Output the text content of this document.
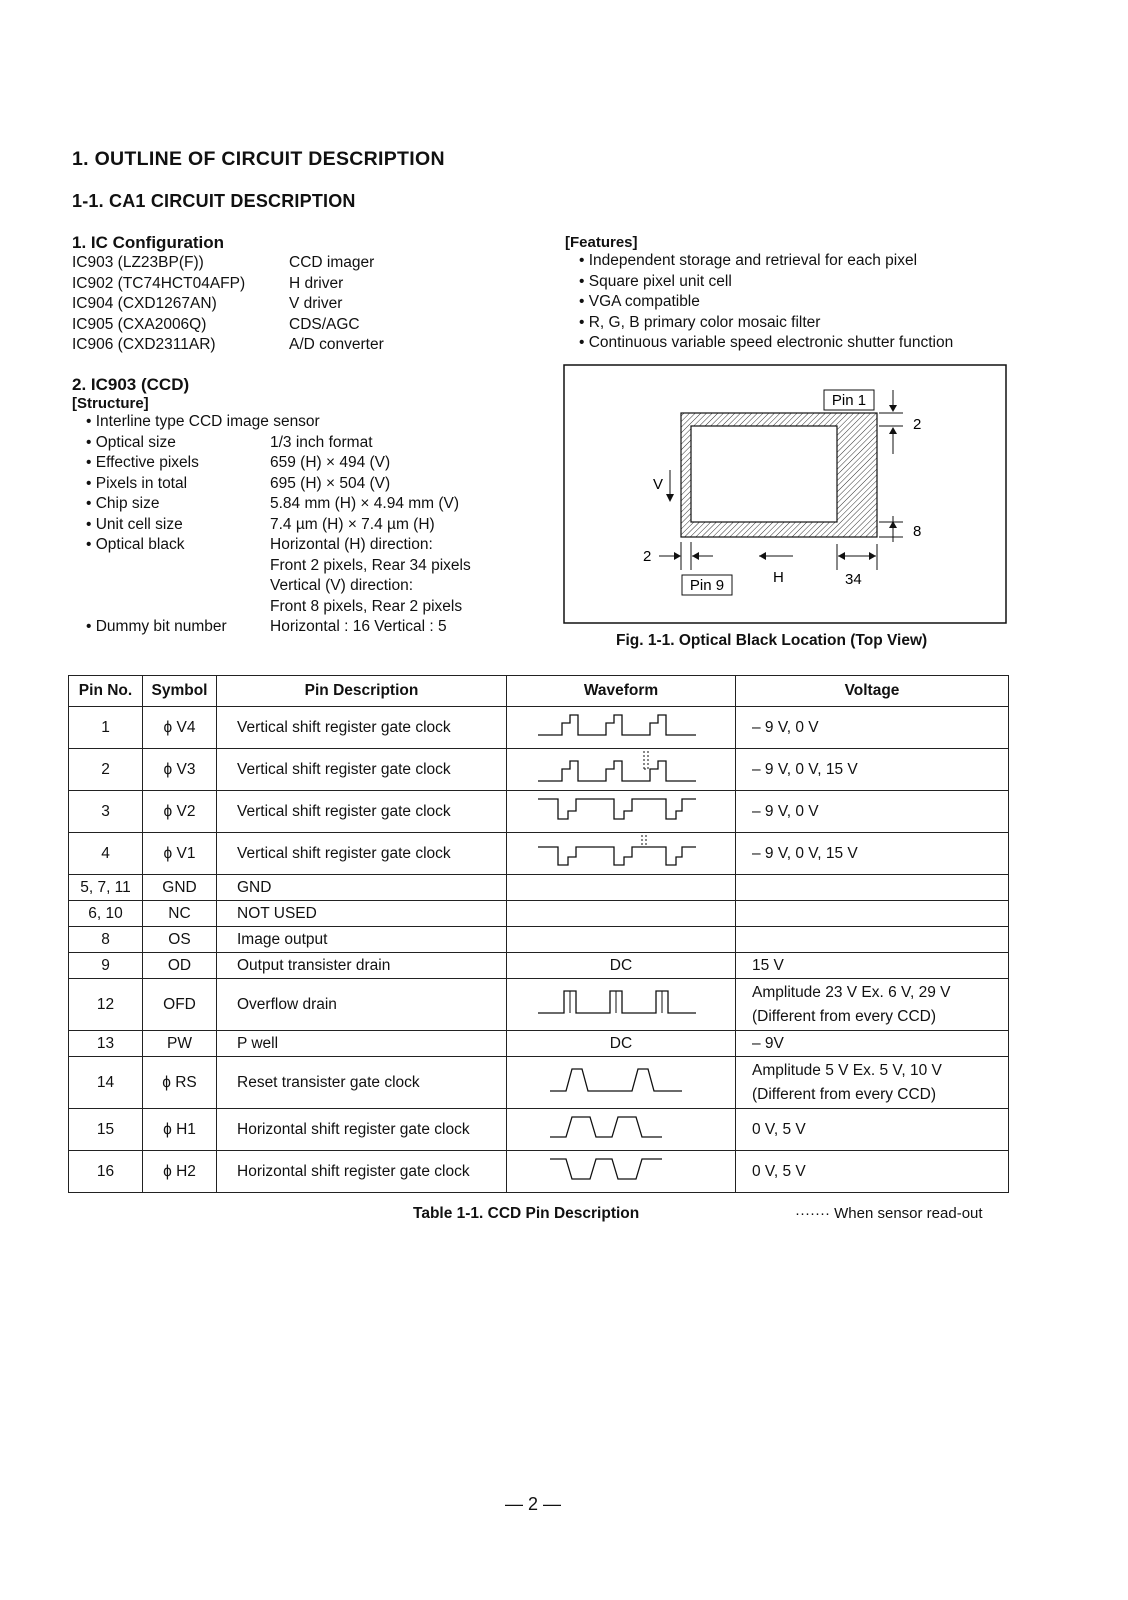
1. OUTLINE OF CIRCUIT DESCRIPTION
1-1. CA1 CIRCUIT DESCRIPTION
1. IC Configuration
IC903 (LZ23BP(F))	CCD imager
IC902 (TC74HCT04AFP)	H driver
IC904 (CXD1267AN)	V driver
IC905 (CXA2006Q)	CDS/AGC
IC906 (CXD2311AR)	A/D converter
[Features]
• Independent storage and retrieval for each pixel
• Square pixel unit cell
• VGA compatible
• R, G, B primary color mosaic filter
• Continuous variable speed electronic shutter function
2. IC903 (CCD)
[Structure]
• Interline type CCD image sensor
• Optical size	1/3 inch format
• Effective pixels	659 (H) × 494 (V)
• Pixels in total	695 (H) × 504 (V)
• Chip size	5.84 mm (H) × 4.94 mm (V)
• Unit cell size	7.4 µm (H) × 7.4 µm (H)
• Optical black	Horizontal (H) direction:
Front 2 pixels, Rear 34 pixels
Vertical (V) direction:
Front 8 pixels, Rear 2 pixels
• Dummy bit number	Horizontal : 16 Vertical : 5
Pin 1
2
8
V
2
H	34
Pin 9
Fig. 1-1. Optical Black Location (Top View)
Pin No.	Symbol	Pin Description	Waveform	Voltage
1	ϕ V4	Vertical shift register gate clock		– 9 V, 0 V
2	ϕ V3	Vertical shift register gate clock		– 9 V, 0 V, 15 V
3	ϕ V2	Vertical shift register gate clock		– 9 V, 0 V
4	ϕ V1	Vertical shift register gate clock		– 9 V, 0 V, 15 V
5, 7, 11	GND	GND		
6, 10	NC	NOT USED		
8	OS	Image output		
9	OD	Output transister drain	DC	15 V
12	OFD	Overflow drain		Amplitude 23 V Ex. 6 V, 29 V
(Different from every CCD)

13	PW	P well	DC	– 9V
14	ϕ RS	Reset transister gate clock		Amplitude 5 V Ex. 5 V, 10 V
(Different from every CCD)

15	ϕ H1	Horizontal shift register gate clock		0 V, 5 V
16	ϕ H2	Horizontal shift register gate clock		0 V, 5 V
Table 1-1. CCD Pin Description	······· When sensor read-out
— 2 —
